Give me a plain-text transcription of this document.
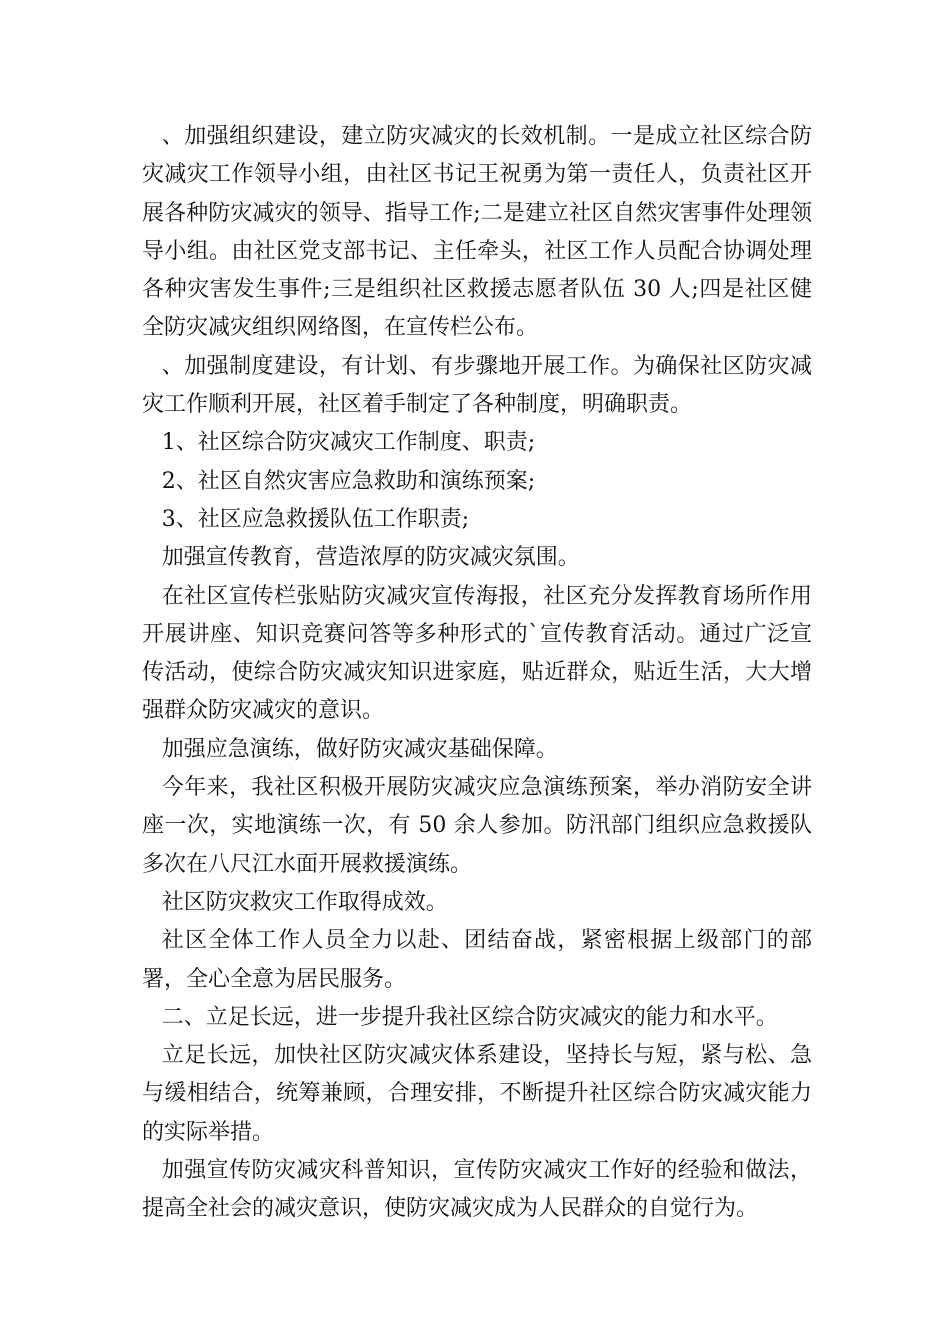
、加强组织建设，建立防灾减灾的长效机制。一是成立社区综合防灾减灾工作领导小组，由社区书记王祝勇为第一责任人，负责社区开展各种防灾减灾的领导、指导工作;二是建立社区自然灾害事件处理领导小组。由社区党支部书记、主任牵头，社区工作人员配合协调处理各种灾害发生事件;三是组织社区救援志愿者队伍 30 人;四是社区健全防灾减灾组织网络图，在宣传栏公布。

、加强制度建设，有计划、有步骤地开展工作。为确保社区防灾减灾工作顺利开展，社区着手制定了各种制度，明确职责。

1、社区综合防灾减灾工作制度、职责;

2、社区自然灾害应急救助和演练预案;

3、社区应急救援队伍工作职责;

加强宣传教育，营造浓厚的防灾减灾氛围。

在社区宣传栏张贴防灾减灾宣传海报，社区充分发挥教育场所作用开展讲座、知识竞赛问答等多种形式的`宣传教育活动。通过广泛宣传活动，使综合防灾减灾知识进家庭，贴近群众，贴近生活，大大增强群众防灾减灾的意识。

加强应急演练，做好防灾减灾基础保障。

今年来，我社区积极开展防灾减灾应急演练预案，举办消防安全讲座一次，实地演练一次，有 50 余人参加。防汛部门组织应急救援队多次在八尺江水面开展救援演练。

社区防灾救灾工作取得成效。

社区全体工作人员全力以赴、团结奋战，紧密根据上级部门的部署，全心全意为居民服务。

二、立足长远，进一步提升我社区综合防灾减灾的能力和水平。

立足长远，加快社区防灾减灾体系建设，坚持长与短，紧与松、急与缓相结合，统筹兼顾，合理安排，不断提升社区综合防灾减灾能力的实际举措。

加强宣传防灾减灾科普知识，宣传防灾减灾工作好的经验和做法，提高全社会的减灾意识，使防灾减灾成为人民群众的自觉行为。
